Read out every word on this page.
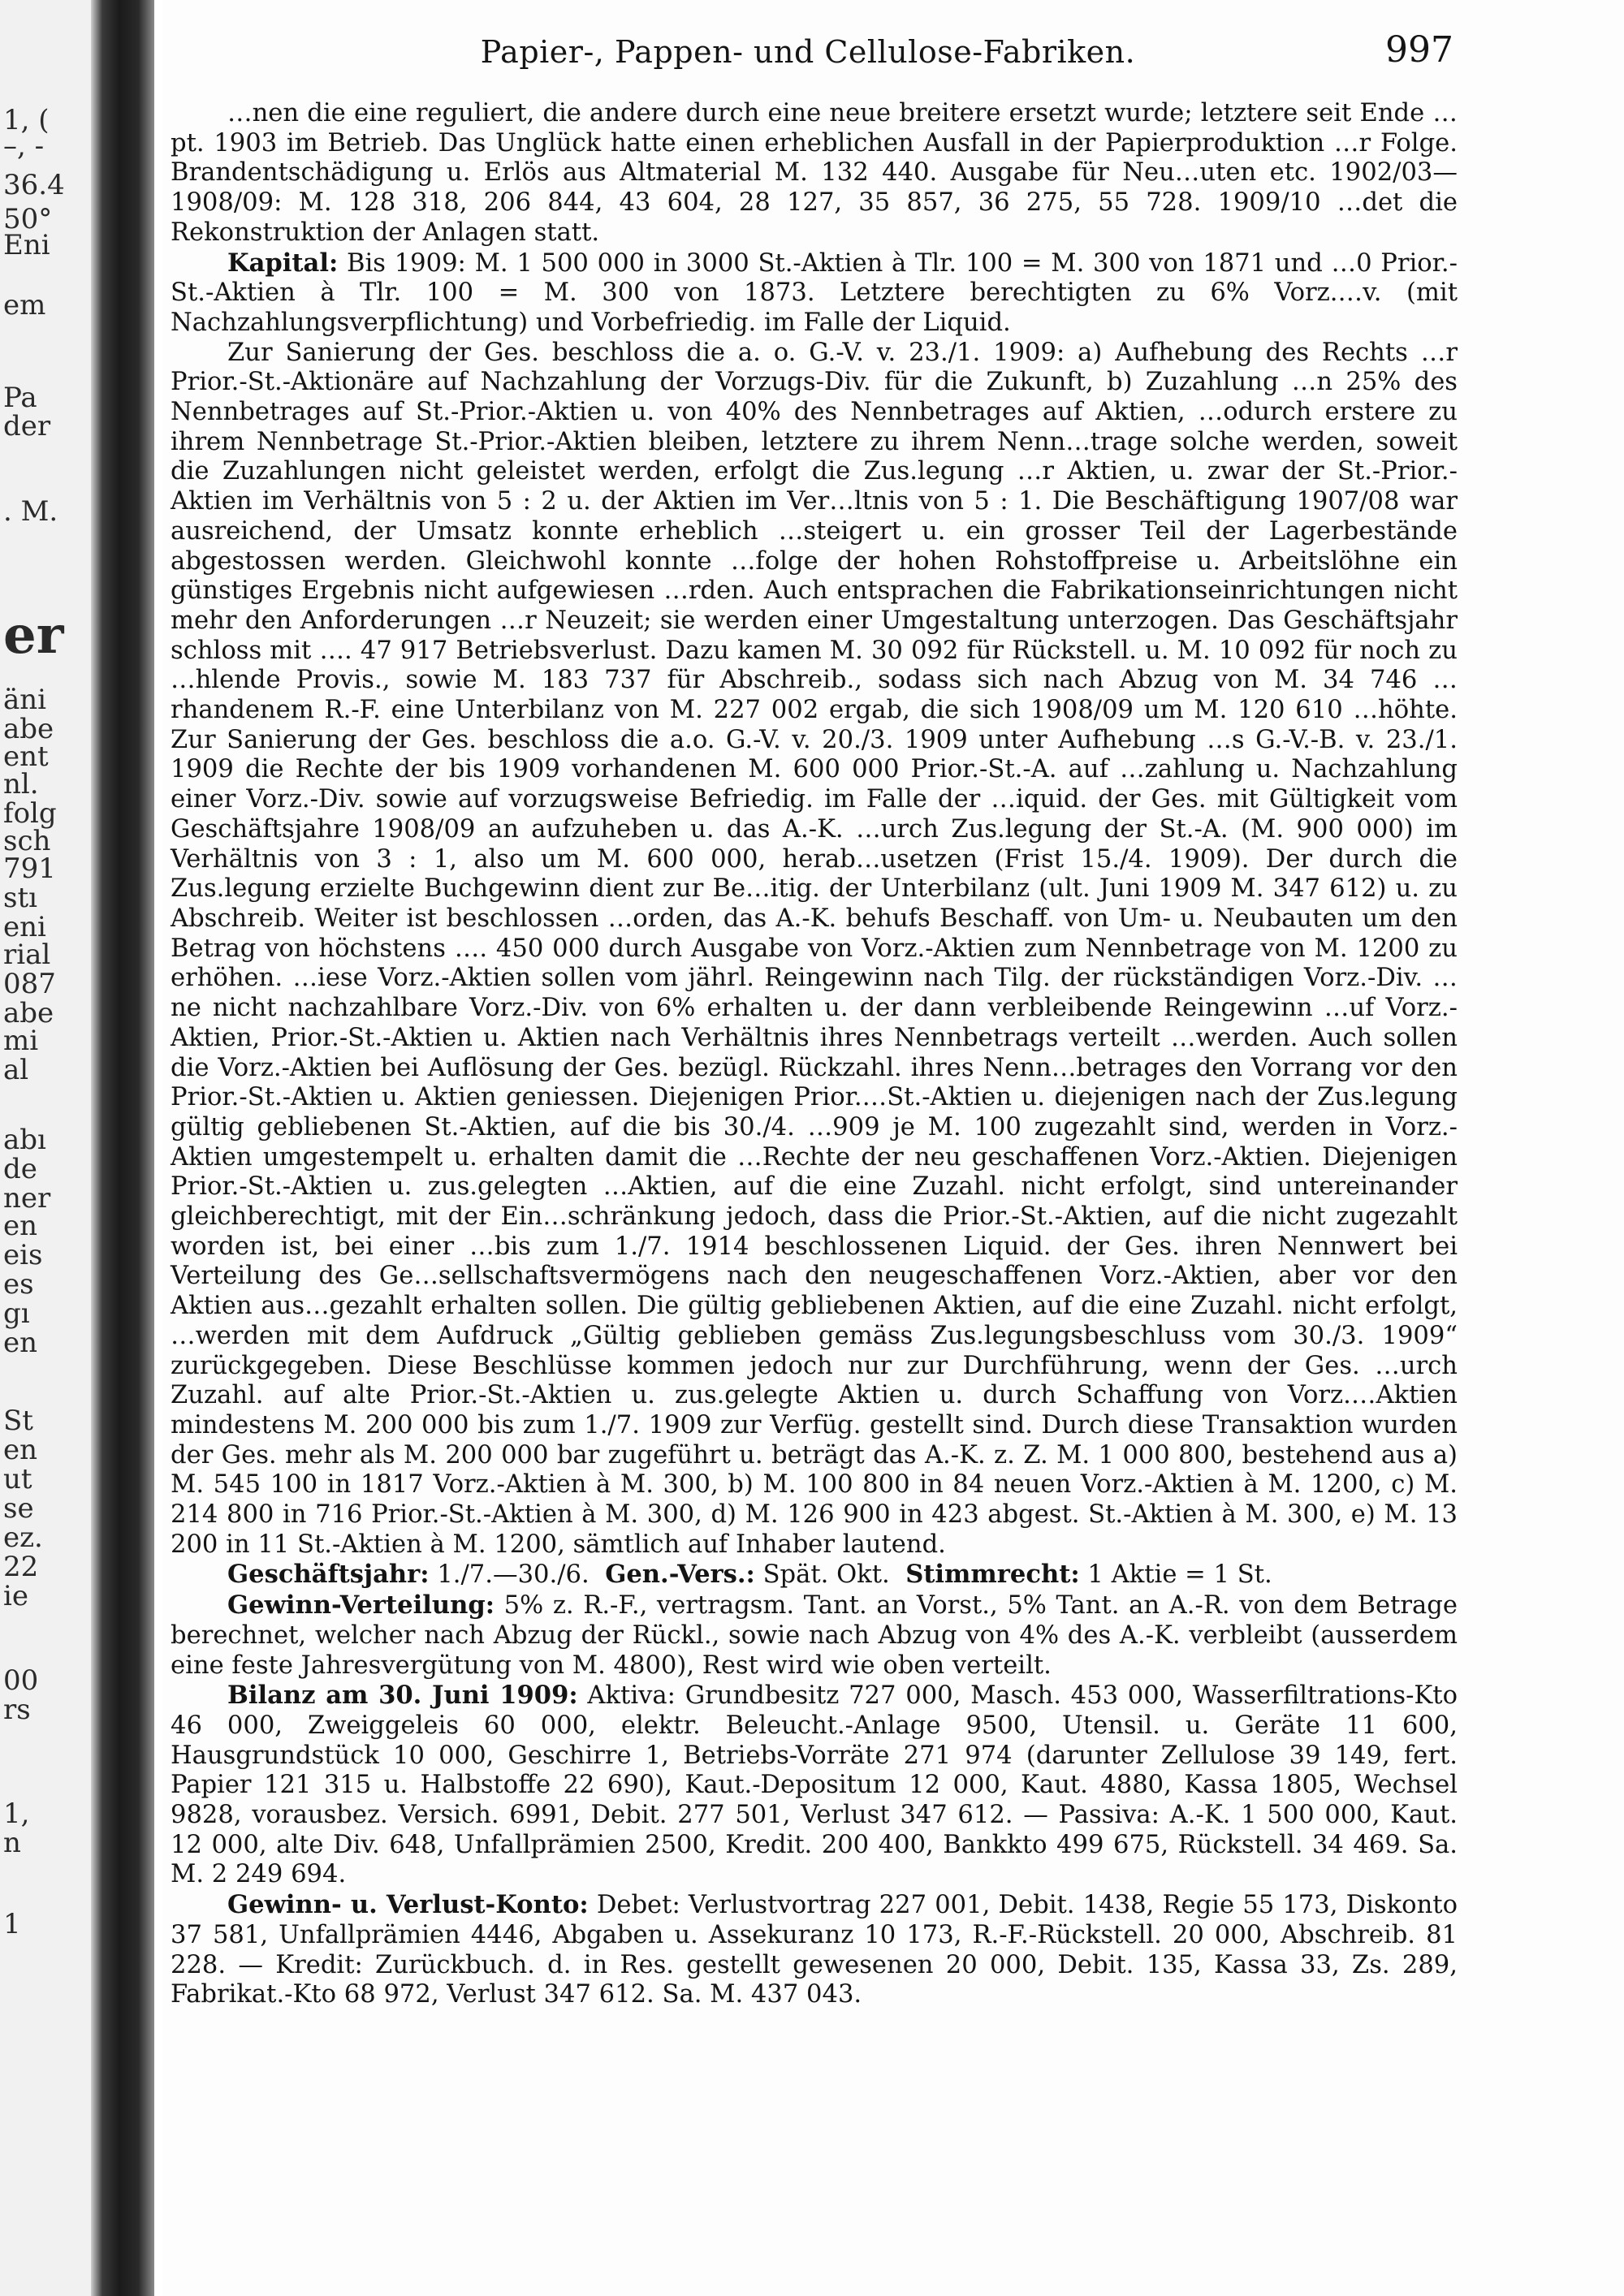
1, (
–, -
36.4
50°
Eni
em
Pa
der
. M.
er
äni
abe
ent
nl.
folg
sch
791
stı
eni
rial
087
abe
mi
al
abı
de
ner
en
eis
es
gı
en
St
en
ut
se
ez.
22
ie
00
rs
1,
n
1
Papier-, Pappen- und Cellulose-Fabriken.	997

…nen die eine reguliert, die andere durch eine neue breitere ersetzt wurde; letztere seit Ende …pt. 1903 im Betrieb. Das Unglück hatte einen erheblichen Ausfall in der Papierproduktion …r Folge. Brandentschädigung u. Erlös aus Altmaterial M. 132 440. Ausgabe für Neu…uten etc. 1902/03—1908/09: M. 128 318, 206 844, 43 604, 28 127, 35 857, 36 275, 55 728. 1909/10 …det die Rekonstruktion der Anlagen statt.

Kapital: Bis 1909: M. 1 500 000 in 3000 St.-Aktien à Tlr. 100 = M. 300 von 1871 und …0 Prior.-St.-Aktien à Tlr. 100 = M. 300 von 1873. Letztere berechtigten zu 6% Vorz.…v. (mit Nachzahlungsverpflichtung) und Vorbefriedig. im Falle der Liquid.

Zur Sanierung der Ges. beschloss die a. o. G.-V. v. 23./1. 1909: a) Aufhebung des Rechts …r Prior.-St.-Aktionäre auf Nachzahlung der Vorzugs-Div. für die Zukunft, b) Zuzahlung …n 25% des Nennbetrages auf St.-Prior.-Aktien u. von 40% des Nennbetrages auf Aktien, …odurch erstere zu ihrem Nennbetrage St.-Prior.-Aktien bleiben, letztere zu ihrem Nenn…trage solche werden, soweit die Zuzahlungen nicht geleistet werden, erfolgt die Zus.legung …r Aktien, u. zwar der St.-Prior.-Aktien im Verhältnis von 5 : 2 u. der Aktien im Ver…ltnis von 5 : 1. Die Beschäftigung 1907/08 war ausreichend, der Umsatz konnte erheblich …steigert u. ein grosser Teil der Lagerbestände abgestossen werden. Gleichwohl konnte …folge der hohen Rohstoffpreise u. Arbeitslöhne ein günstiges Ergebnis nicht aufgewiesen …rden. Auch entsprachen die Fabrikationseinrichtungen nicht mehr den Anforderungen …r Neuzeit; sie werden einer Umgestaltung unterzogen. Das Geschäftsjahr schloss mit …. 47 917 Betriebsverlust. Dazu kamen M. 30 092 für Rückstell. u. M. 10 092 für noch zu …hlende Provis., sowie M. 183 737 für Abschreib., sodass sich nach Abzug von M. 34 746 …rhandenem R.-F. eine Unterbilanz von M. 227 002 ergab, die sich 1908/09 um M. 120 610 …höhte. Zur Sanierung der Ges. beschloss die a.o. G.-V. v. 20./3. 1909 unter Aufhebung …s G.-V.-B. v. 23./1. 1909 die Rechte der bis 1909 vorhandenen M. 600 000 Prior.-St.-A. auf …zahlung u. Nachzahlung einer Vorz.-Div. sowie auf vorzugsweise Befriedig. im Falle der …iquid. der Ges. mit Gültigkeit vom Geschäftsjahre 1908/09 an aufzuheben u. das A.-K. …urch Zus.legung der St.-A. (M. 900 000) im Verhältnis von 3 : 1, also um M. 600 000, herab…usetzen (Frist 15./4. 1909). Der durch die Zus.legung erzielte Buchgewinn dient zur Be…itig. der Unterbilanz (ult. Juni 1909 M. 347 612) u. zu Abschreib. Weiter ist beschlossen …orden, das A.-K. behufs Beschaff. von Um- u. Neubauten um den Betrag von höchstens …. 450 000 durch Ausgabe von Vorz.-Aktien zum Nennbetrage von M. 1200 zu erhöhen. …iese Vorz.-Aktien sollen vom jährl. Reingewinn nach Tilg. der rückständigen Vorz.-Div. …ne nicht nachzahlbare Vorz.-Div. von 6% erhalten u. der dann verbleibende Reingewinn …uf Vorz.-Aktien, Prior.-St.-Aktien u. Aktien nach Verhältnis ihres Nennbetrags verteilt …werden. Auch sollen die Vorz.-Aktien bei Auflösung der Ges. bezügl. Rückzahl. ihres Nenn…betrages den Vorrang vor den Prior.-St.-Aktien u. Aktien geniessen. Diejenigen Prior.…St.-Aktien u. diejenigen nach der Zus.legung gültig gebliebenen St.-Aktien, auf die bis 30./4. …909 je M. 100 zugezahlt sind, werden in Vorz.-Aktien umgestempelt u. erhalten damit die …Rechte der neu geschaffenen Vorz.-Aktien. Diejenigen Prior.-St.-Aktien u. zus.gelegten …Aktien, auf die eine Zuzahl. nicht erfolgt, sind untereinander gleichberechtigt, mit der Ein…schränkung jedoch, dass die Prior.-St.-Aktien, auf die nicht zugezahlt worden ist, bei einer …bis zum 1./7. 1914 beschlossenen Liquid. der Ges. ihren Nennwert bei Verteilung des Ge…sellschaftsvermögens nach den neugeschaffenen Vorz.-Aktien, aber vor den Aktien aus…gezahlt erhalten sollen. Die gültig gebliebenen Aktien, auf die eine Zuzahl. nicht erfolgt, …werden mit dem Aufdruck „Gültig geblieben gemäss Zus.legungsbeschluss vom 30./3. 1909“ zurückgegeben. Diese Beschlüsse kommen jedoch nur zur Durchführung, wenn der Ges. …urch Zuzahl. auf alte Prior.-St.-Aktien u. zus.gelegte Aktien u. durch Schaffung von Vorz.…Aktien mindestens M. 200 000 bis zum 1./7. 1909 zur Verfüg. gestellt sind. Durch diese Transaktion wurden der Ges. mehr als M. 200 000 bar zugeführt u. beträgt das A.-K. z. Z. M. 1 000 800, bestehend aus a) M. 545 100 in 1817 Vorz.-Aktien à M. 300, b) M. 100 800 in 84 neuen Vorz.-Aktien à M. 1200, c) M. 214 800 in 716 Prior.-St.-Aktien à M. 300, d) M. 126 900 in 423 abgest. St.-Aktien à M. 300, e) M. 13 200 in 11 St.-Aktien à M. 1200, sämtlich auf Inhaber lautend.

Geschäftsjahr: 1./7.—30./6. Gen.-Vers.: Spät. Okt. Stimmrecht: 1 Aktie = 1 St.

Gewinn-Verteilung: 5% z. R.-F., vertragsm. Tant. an Vorst., 5% Tant. an A.-R. von dem Betrage berechnet, welcher nach Abzug der Rückl., sowie nach Abzug von 4% des A.-K. verbleibt (ausserdem eine feste Jahresvergütung von M. 4800), Rest wird wie oben verteilt.

Bilanz am 30. Juni 1909: Aktiva: Grundbesitz 727 000, Masch. 453 000, Wasserfiltrations-Kto 46 000, Zweiggeleis 60 000, elektr. Beleucht.-Anlage 9500, Utensil. u. Geräte 11 600, Hausgrundstück 10 000, Geschirre 1, Betriebs-Vorräte 271 974 (darunter Zellulose 39 149, fert. Papier 121 315 u. Halbstoffe 22 690), Kaut.-Depositum 12 000, Kaut. 4880, Kassa 1805, Wechsel 9828, vorausbez. Versich. 6991, Debit. 277 501, Verlust 347 612. — Passiva: A.-K. 1 500 000, Kaut. 12 000, alte Div. 648, Unfallprämien 2500, Kredit. 200 400, Bankkto 499 675, Rückstell. 34 469. Sa. M. 2 249 694.

Gewinn- u. Verlust-Konto: Debet: Verlustvortrag 227 001, Debit. 1438, Regie 55 173, Diskonto 37 581, Unfallprämien 4446, Abgaben u. Assekuranz 10 173, R.-F.-Rückstell. 20 000, Abschreib. 81 228. — Kredit: Zurückbuch. d. in Res. gestellt gewesenen 20 000, Debit. 135, Kassa 33, Zs. 289, Fabrikat.-Kto 68 972, Verlust 347 612. Sa. M. 437 043.
